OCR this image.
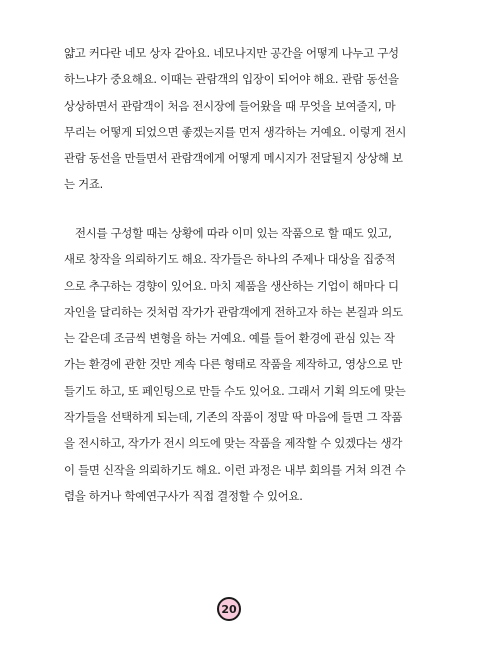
얇고 커다란 네모 상자 같아요. 네모나지만 공간을 어떻게 나누고 구성
하느냐가 중요해요. 이때는 관람객의 입장이 되어야 해요. 관람 동선을
상상하면서 관람객이 처음 전시장에 들어왔을 때 무엇을 보여줄지, 마
무리는 어떻게 되었으면 좋겠는지를 먼저 생각하는 거예요. 이렇게 전시
관람 동선을 만들면서 관람객에게 어떻게 메시지가 전달될지 상상해 보
는 거죠.
전시를 구성할 때는 상황에 따라 이미 있는 작품으로 할 때도 있고,
새로 창작을 의뢰하기도 해요. 작가들은 하나의 주제나 대상을 집중적
으로 추구하는 경향이 있어요. 마치 제품을 생산하는 기업이 해마다 디
자인을 달리하는 것처럼 작가가 관람객에게 전하고자 하는 본질과 의도
는 같은데 조금씩 변형을 하는 거예요. 예를 들어 환경에 관심 있는 작
가는 환경에 관한 것만 계속 다른 형태로 작품을 제작하고, 영상으로 만
들기도 하고, 또 페인팅으로 만들 수도 있어요. 그래서 기획 의도에 맞는
작가들을 선택하게 되는데, 기존의 작품이 정말 딱 마음에 들면 그 작품
을 전시하고, 작가가 전시 의도에 맞는 작품을 제작할 수 있겠다는 생각
이 들면 신작을 의뢰하기도 해요. 이런 과정은 내부 회의를 거쳐 의견 수
렴을 하거나 학예연구사가 직접 결정할 수 있어요.
20
